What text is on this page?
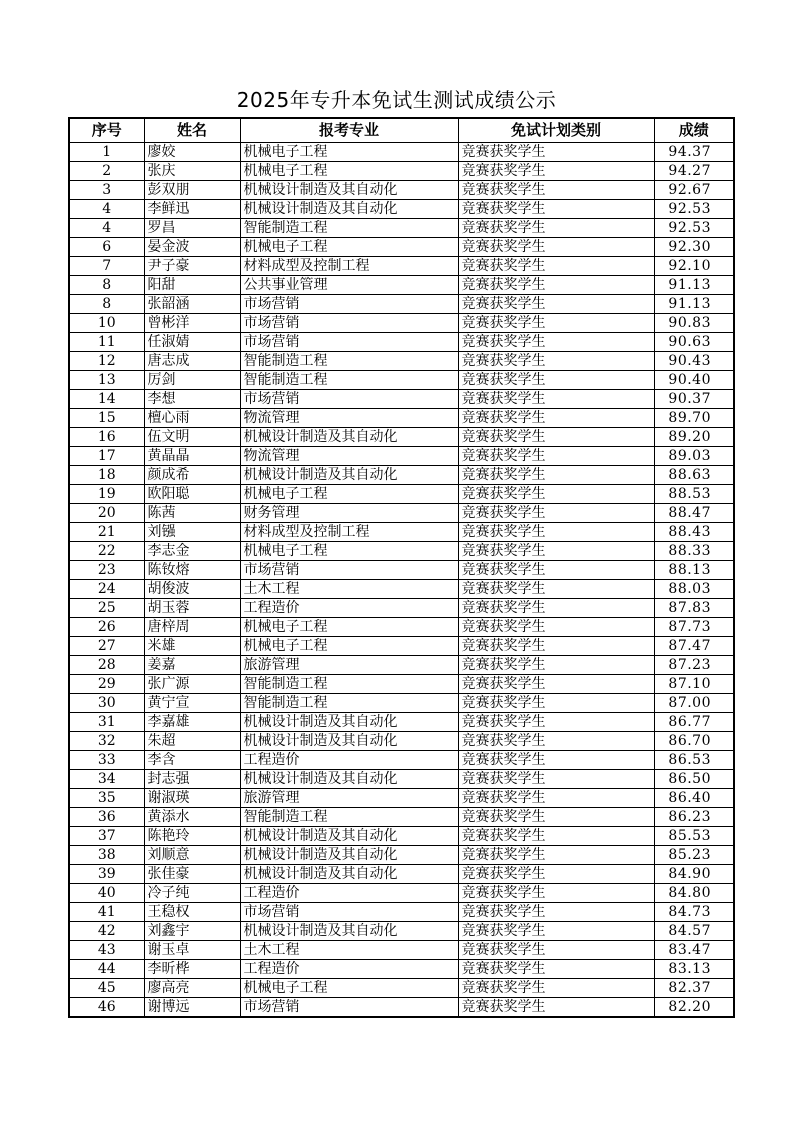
2025年专升本免试生测试成绩公示
序号	姓名	报考专业	免试计划类别	成绩
1	廖姣	机械电子工程	竞赛获奖学生	94.37
2	张庆	机械电子工程	竞赛获奖学生	94.27
3	彭双朋	机械设计制造及其自动化	竞赛获奖学生	92.67
4	李鲜迅	机械设计制造及其自动化	竞赛获奖学生	92.53
4	罗昌	智能制造工程	竞赛获奖学生	92.53
6	晏金波	机械电子工程	竞赛获奖学生	92.30
7	尹子豪	材料成型及控制工程	竞赛获奖学生	92.10
8	阳甜	公共事业管理	竞赛获奖学生	91.13
8	张韶涵	市场营销	竞赛获奖学生	91.13
10	曾彬洋	市场营销	竞赛获奖学生	90.83
11	任淑婧	市场营销	竞赛获奖学生	90.63
12	唐志成	智能制造工程	竞赛获奖学生	90.43
13	厉剑	智能制造工程	竞赛获奖学生	90.40
14	李想	市场营销	竞赛获奖学生	90.37
15	檀心雨	物流管理	竞赛获奖学生	89.70
16	伍文明	机械设计制造及其自动化	竞赛获奖学生	89.20
17	黄晶晶	物流管理	竞赛获奖学生	89.03
18	颜成希	机械设计制造及其自动化	竞赛获奖学生	88.63
19	欧阳聪	机械电子工程	竞赛获奖学生	88.53
20	陈茜	财务管理	竞赛获奖学生	88.47
21	刘镪	材料成型及控制工程	竞赛获奖学生	88.43
22	李志金	机械电子工程	竞赛获奖学生	88.33
23	陈钕熔	市场营销	竞赛获奖学生	88.13
24	胡俊波	土木工程	竞赛获奖学生	88.03
25	胡玉蓉	工程造价	竞赛获奖学生	87.83
26	唐梓周	机械电子工程	竞赛获奖学生	87.73
27	米雄	机械电子工程	竞赛获奖学生	87.47
28	姜嘉	旅游管理	竞赛获奖学生	87.23
29	张广源	智能制造工程	竞赛获奖学生	87.10
30	黄宁宣	智能制造工程	竞赛获奖学生	87.00
31	李嘉雄	机械设计制造及其自动化	竞赛获奖学生	86.77
32	朱超	机械设计制造及其自动化	竞赛获奖学生	86.70
33	李含	工程造价	竞赛获奖学生	86.53
34	封志强	机械设计制造及其自动化	竞赛获奖学生	86.50
35	谢淑瑛	旅游管理	竞赛获奖学生	86.40
36	黄添水	智能制造工程	竞赛获奖学生	86.23
37	陈艳玲	机械设计制造及其自动化	竞赛获奖学生	85.53
38	刘顺意	机械设计制造及其自动化	竞赛获奖学生	85.23
39	张佳豪	机械设计制造及其自动化	竞赛获奖学生	84.90
40	冷子纯	工程造价	竞赛获奖学生	84.80
41	王稳权	市场营销	竞赛获奖学生	84.73
42	刘鑫宇	机械设计制造及其自动化	竞赛获奖学生	84.57
43	谢玉卓	土木工程	竞赛获奖学生	83.47
44	李昕桦	工程造价	竞赛获奖学生	83.13
45	廖高亮	机械电子工程	竞赛获奖学生	82.37
46	谢博远	市场营销	竞赛获奖学生	82.20
